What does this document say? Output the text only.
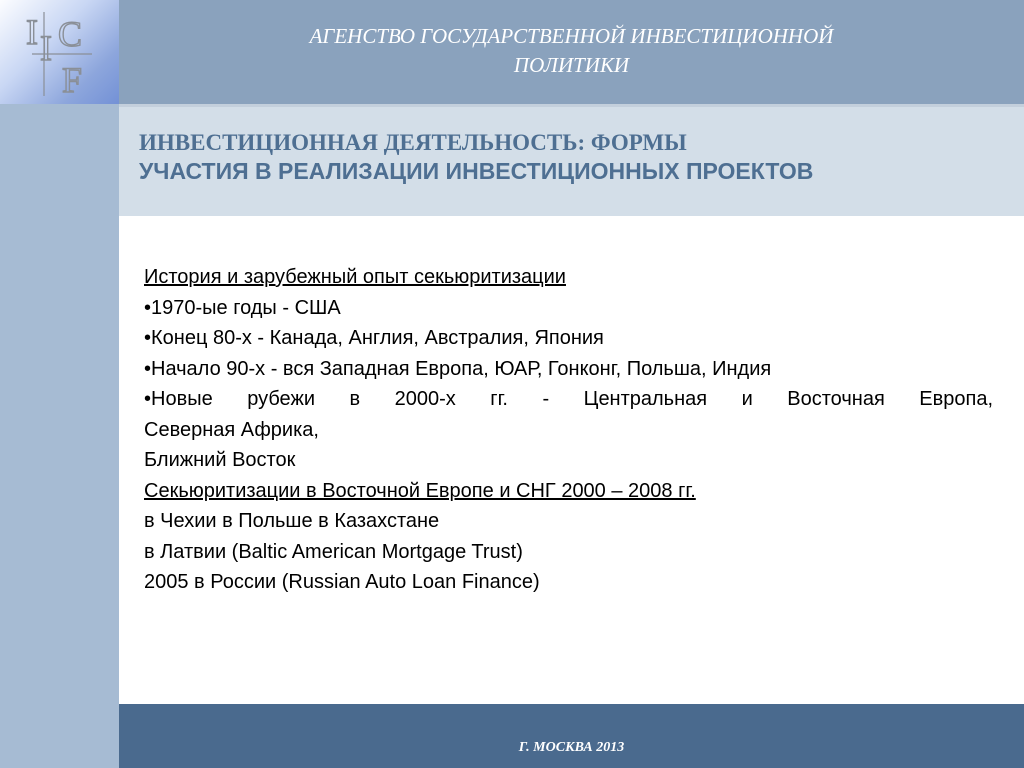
I I C
F
АГЕНСТВО ГОСУДАРСТВЕННОЙ ИНВЕСТИЦИОННОЙ
ПОЛИТИКИ
ИНВЕСТИЦИОННАЯ ДЕЯТЕЛЬНОСТЬ: ФОРМЫ
УЧАСТИЯ В РЕАЛИЗАЦИИ ИНВЕСТИЦИОННЫХ ПРОЕКТОВ

История и зарубежный опыт секьюритизации

•1970-ые годы - США

•Конец 80-х - Канада, Англия, Австралия, Япония

•Начало 90-х - вся Западная Европа, ЮАР, Гонконг, Польша, Индия

•Новые рубежи в 2000-х гг. - Центральная и Восточная Европа,

Северная Африка,

Ближний Восток

Секьюритизации в Восточной Европе и СНГ 2000 – 2008 гг.

в Чехии в Польше в Казахстане

в Латвии (Baltic American Mortgage Trust)

2005 в России (Russian Auto Loan Finance)

Г. МОСКВА 2013
